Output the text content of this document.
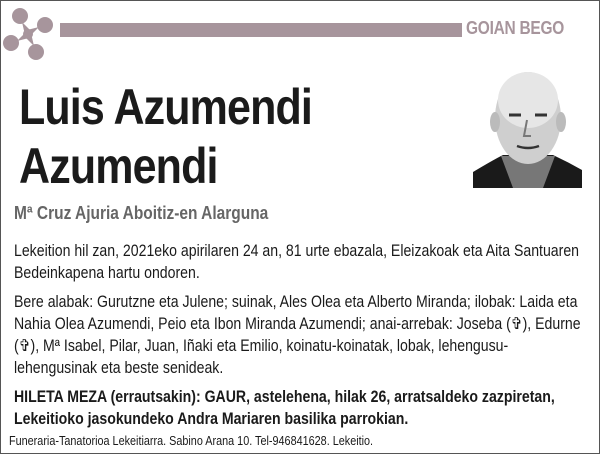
GOIAN BEGO
Luis Azumendi
Azumendi
Mª Cruz Ajuria Aboitiz-en Alarguna

Lekeition hil zan, 2021eko apirilaren 24 an, 81 urte ebazala, Eleizakoak eta Aita Santuaren Bedeinkapena hartu ondoren.

Bere alabak: Gurutzne eta Julene; suinak, Ales Olea eta Alberto Miranda; ilobak: Laida eta Nahia Olea Azumendi, Peio eta Ibon Miranda Azumendi; anai-arrebak: Joseba (✞), Edurne (✞), Mª Isabel, Pilar, Juan, Iñaki eta Emilio, koinatu-koinatak, lobak, lehengusu-lehengusinak eta beste senideak.

HILETA MEZA (errautsakin): GAUR, astelehena, hilak 26, arratsaldeko zazpiretan, Lekeitioko jasokundeko Andra Mariaren basilika parrokian.

Funeraria-Tanatorioa Lekeitiarra. Sabino Arana 10. Tel-946841628. Lekeitio.
